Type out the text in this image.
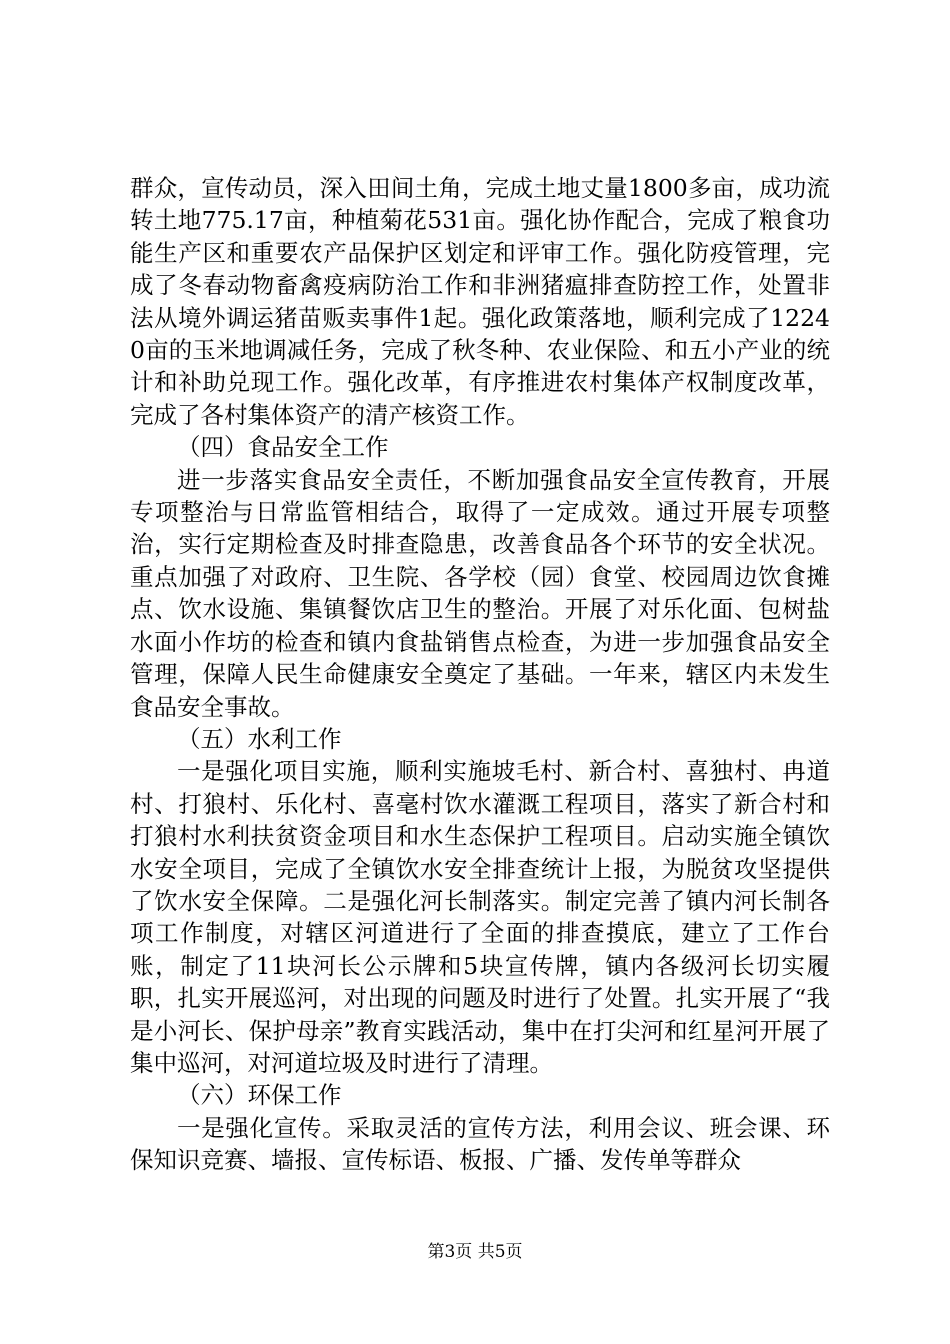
群众，宣传动员，深入田间土角，完成土地丈量1800多亩，成功流转土地775.17亩，种植菊花531亩。强化协作配合，完成了粮食功能生产区和重要农产品保护区划定和评审工作。强化防疫管理，完成了冬春动物畜禽疫病防治工作和非洲猪瘟排查防控工作，处置非法从境外调运猪苗贩卖事件1起。强化政策落地，顺利完成了12240亩的玉米地调减任务，完成了秋冬种、农业保险、和五小产业的统计和补助兑现工作。强化改革，有序推进农村集体产权制度改革，完成了各村集体资产的清产核资工作。

（四）食品安全工作

进一步落实食品安全责任，不断加强食品安全宣传教育，开展专项整治与日常监管相结合，取得了一定成效。通过开展专项整治，实行定期检查及时排查隐患，改善食品各个环节的安全状况。重点加强了对政府、卫生院、各学校（园）食堂、校园周边饮食摊点、饮水设施、集镇餐饮店卫生的整治。开展了对乐化面、包树盐水面小作坊的检查和镇内食盐销售点检查，为进一步加强食品安全管理，保障人民生命健康安全奠定了基础。一年来，辖区内未发生食品安全事故。

（五）水利工作

一是强化项目实施，顺利实施坡毛村、新合村、喜独村、冉道村、打狼村、乐化村、喜毫村饮水灌溉工程项目，落实了新合村和打狼村水利扶贫资金项目和水生态保护工程项目。启动实施全镇饮水安全项目，完成了全镇饮水安全排查统计上报，为脱贫攻坚提供了饮水安全保障。二是强化河长制落实。制定完善了镇内河长制各项工作制度，对辖区河道进行了全面的排查摸底，建立了工作台账，制定了11块河长公示牌和5块宣传牌，镇内各级河长切实履职，扎实开展巡河，对出现的问题及时进行了处置。扎实开展了“我是小河长、保护母亲”教育实践活动，集中在打尖河和红星河开展了集中巡河，对河道垃圾及时进行了清理。

（六）环保工作

一是强化宣传。采取灵活的宣传方法，利用会议、班会课、环保知识竞赛、墙报、宣传标语、板报、广播、发传单等群众

第3页 共5页
